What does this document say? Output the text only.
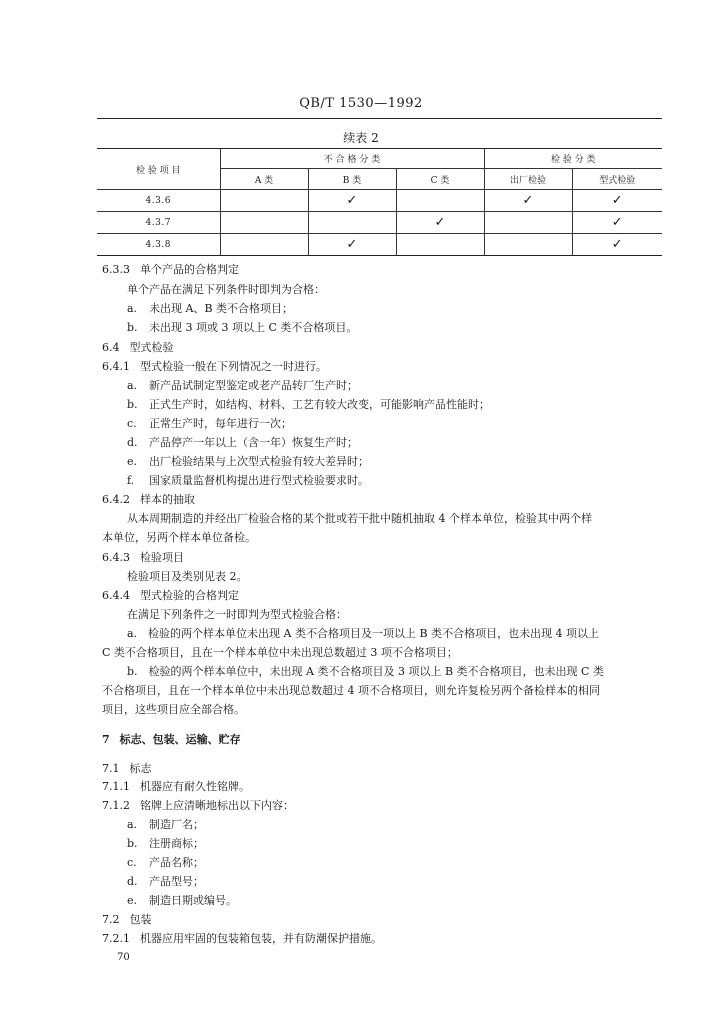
QB/T 1530—1992
续表 2
检 验 项 目	不 合 格 分 类			检 验 分 类	
	A 类	B 类	C 类	出厂检验	型式检验
4.3.6		✓		✓	✓
4.3.7			✓		✓
4.3.8		✓			✓
6.3.3 单个产品的合格判定
单个产品在满足下列条件时即判为合格：
a. 未出现 A、B 类不合格项目；
b. 未出现 3 项或 3 项以上 C 类不合格项目。
6.4 型式检验
6.4.1 型式检验一般在下列情况之一时进行。
a. 新产品试制定型鉴定或老产品转厂生产时；
b. 正式生产时，如结构、材料、工艺有较大改变，可能影响产品性能时；
c. 正常生产时，每年进行一次；
d. 产品停产一年以上（含一年）恢复生产时；
e. 出厂检验结果与上次型式检验有较大差异时；
f. 国家质量监督机构提出进行型式检验要求时。
6.4.2 样本的抽取
从本周期制造的并经出厂检验合格的某个批或若干批中随机抽取 4 个样本单位，检验其中两个样
本单位，另两个样本单位备检。
6.4.3 检验项目
检验项目及类别见表 2。
6.4.4 型式检验的合格判定
在满足下列条件之一时即判为型式检验合格：
a.　检验的两个样本单位未出现 A 类不合格项目及一项以上 B 类不合格项目，也未出现 4 项以上
C 类不合格项目，且在一个样本单位中未出现总数超过 3 项不合格项目；
b.　检验的两个样本单位中，未出现 A 类不合格项目及 3 项以上 B 类不合格项目，也未出现 C 类
不合格项目，且在一个样本单位中未出现总数超过 4 项不合格项目，则允许复检另两个备检样本的相同
项目，这些项目应全部合格。
7 标志、包装、运输、贮存
7.1 标志
7.1.1 机器应有耐久性铭牌。
7.1.2 铭牌上应清晰地标出以下内容：
a. 制造厂名；
b. 注册商标；
c. 产品名称；
d. 产品型号；
e. 制造日期或编号。
7.2 包装
7.2.1 机器应用牢固的包装箱包装，并有防潮保护措施。
70
